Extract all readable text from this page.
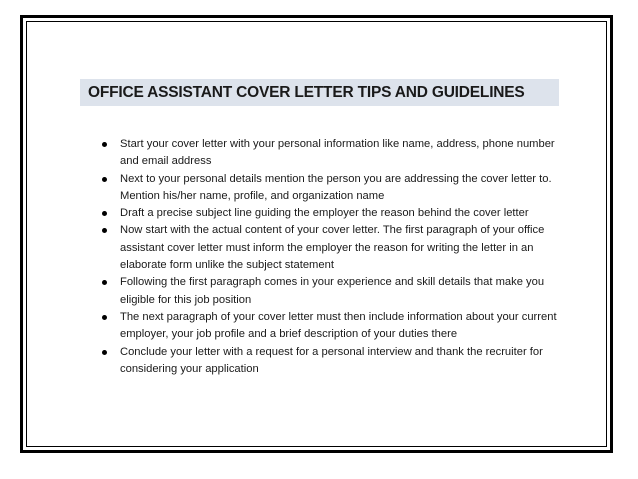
OFFICE ASSISTANT COVER LETTER TIPS AND GUIDELINES
Start your cover letter with your personal information like name, address, phone number and email address
Next to your personal details mention the person you are addressing the cover letter to. Mention his/her name, profile, and organization name
Draft a precise subject line guiding the employer the reason behind the cover letter
Now start with the actual content of your cover letter. The first paragraph of your office assistant cover letter must inform the employer the reason for writing the letter in an elaborate form unlike the subject statement
Following the first paragraph comes in your experience and skill details that make you eligible for this job position
The next paragraph of your cover letter must then include information about your current employer, your job profile and a brief description of your duties there
Conclude your letter with a request for a personal interview and thank the recruiter for considering your application
